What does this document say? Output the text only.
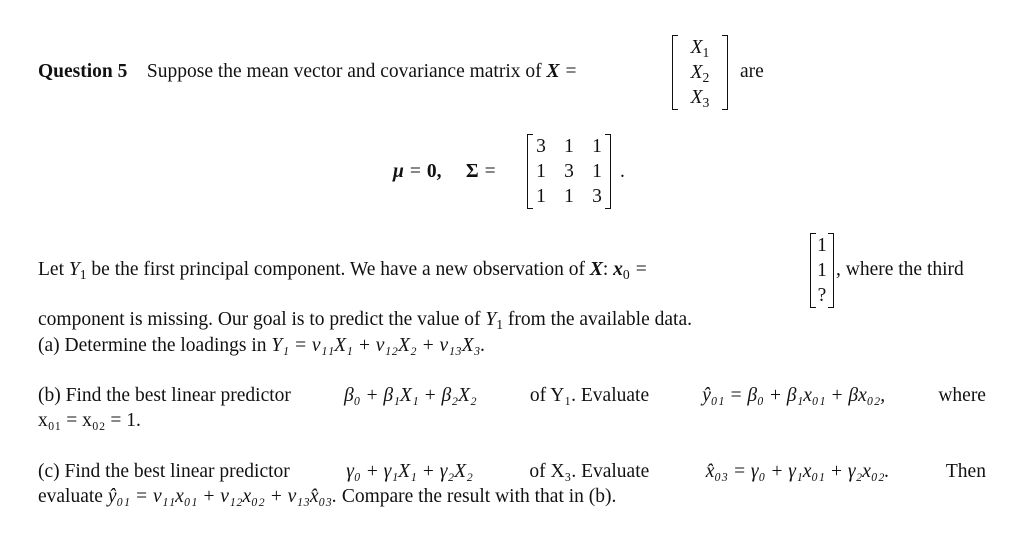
Question 5 Suppose the mean vector and covariance matrix of X =
$X_1$
$X_2$
$X_3$
are
μ = 0, Σ =
3 1 1
1 3 1
1 1 3
.
Let $Y_1$ be the first principal component. We have a new observation of X: $x_0$ =
1
1
?
, where the third
component is missing. Our goal is to predict the value of $Y_1$ from the available data.
(a) Determine the loadings in Y₁ = v₁₁X₁ + v₁₂X₂ + v₁₃X₃.
(b) Find the best linear predictor	β₀ + β₁X₁ + β₂X₂	of Y₁. Evaluate	ŷ₀₁ = β₀ + β₁x₀₁ + βx₀₂,	where
x₀₁ = x₀₂ = 1.
(c) Find the best linear predictor	γ₀ + γ₁X₁ + γ₂X₂	of X₃. Evaluate	x̂₀₃ = γ₀ + γ₁x₀₁ + γ₂x₀₂.	Then
evaluate ŷ₀₁ = v₁₁x₀₁ + v₁₂x₀₂ + v₁₃x̂₀₃. Compare the result with that in (b).
